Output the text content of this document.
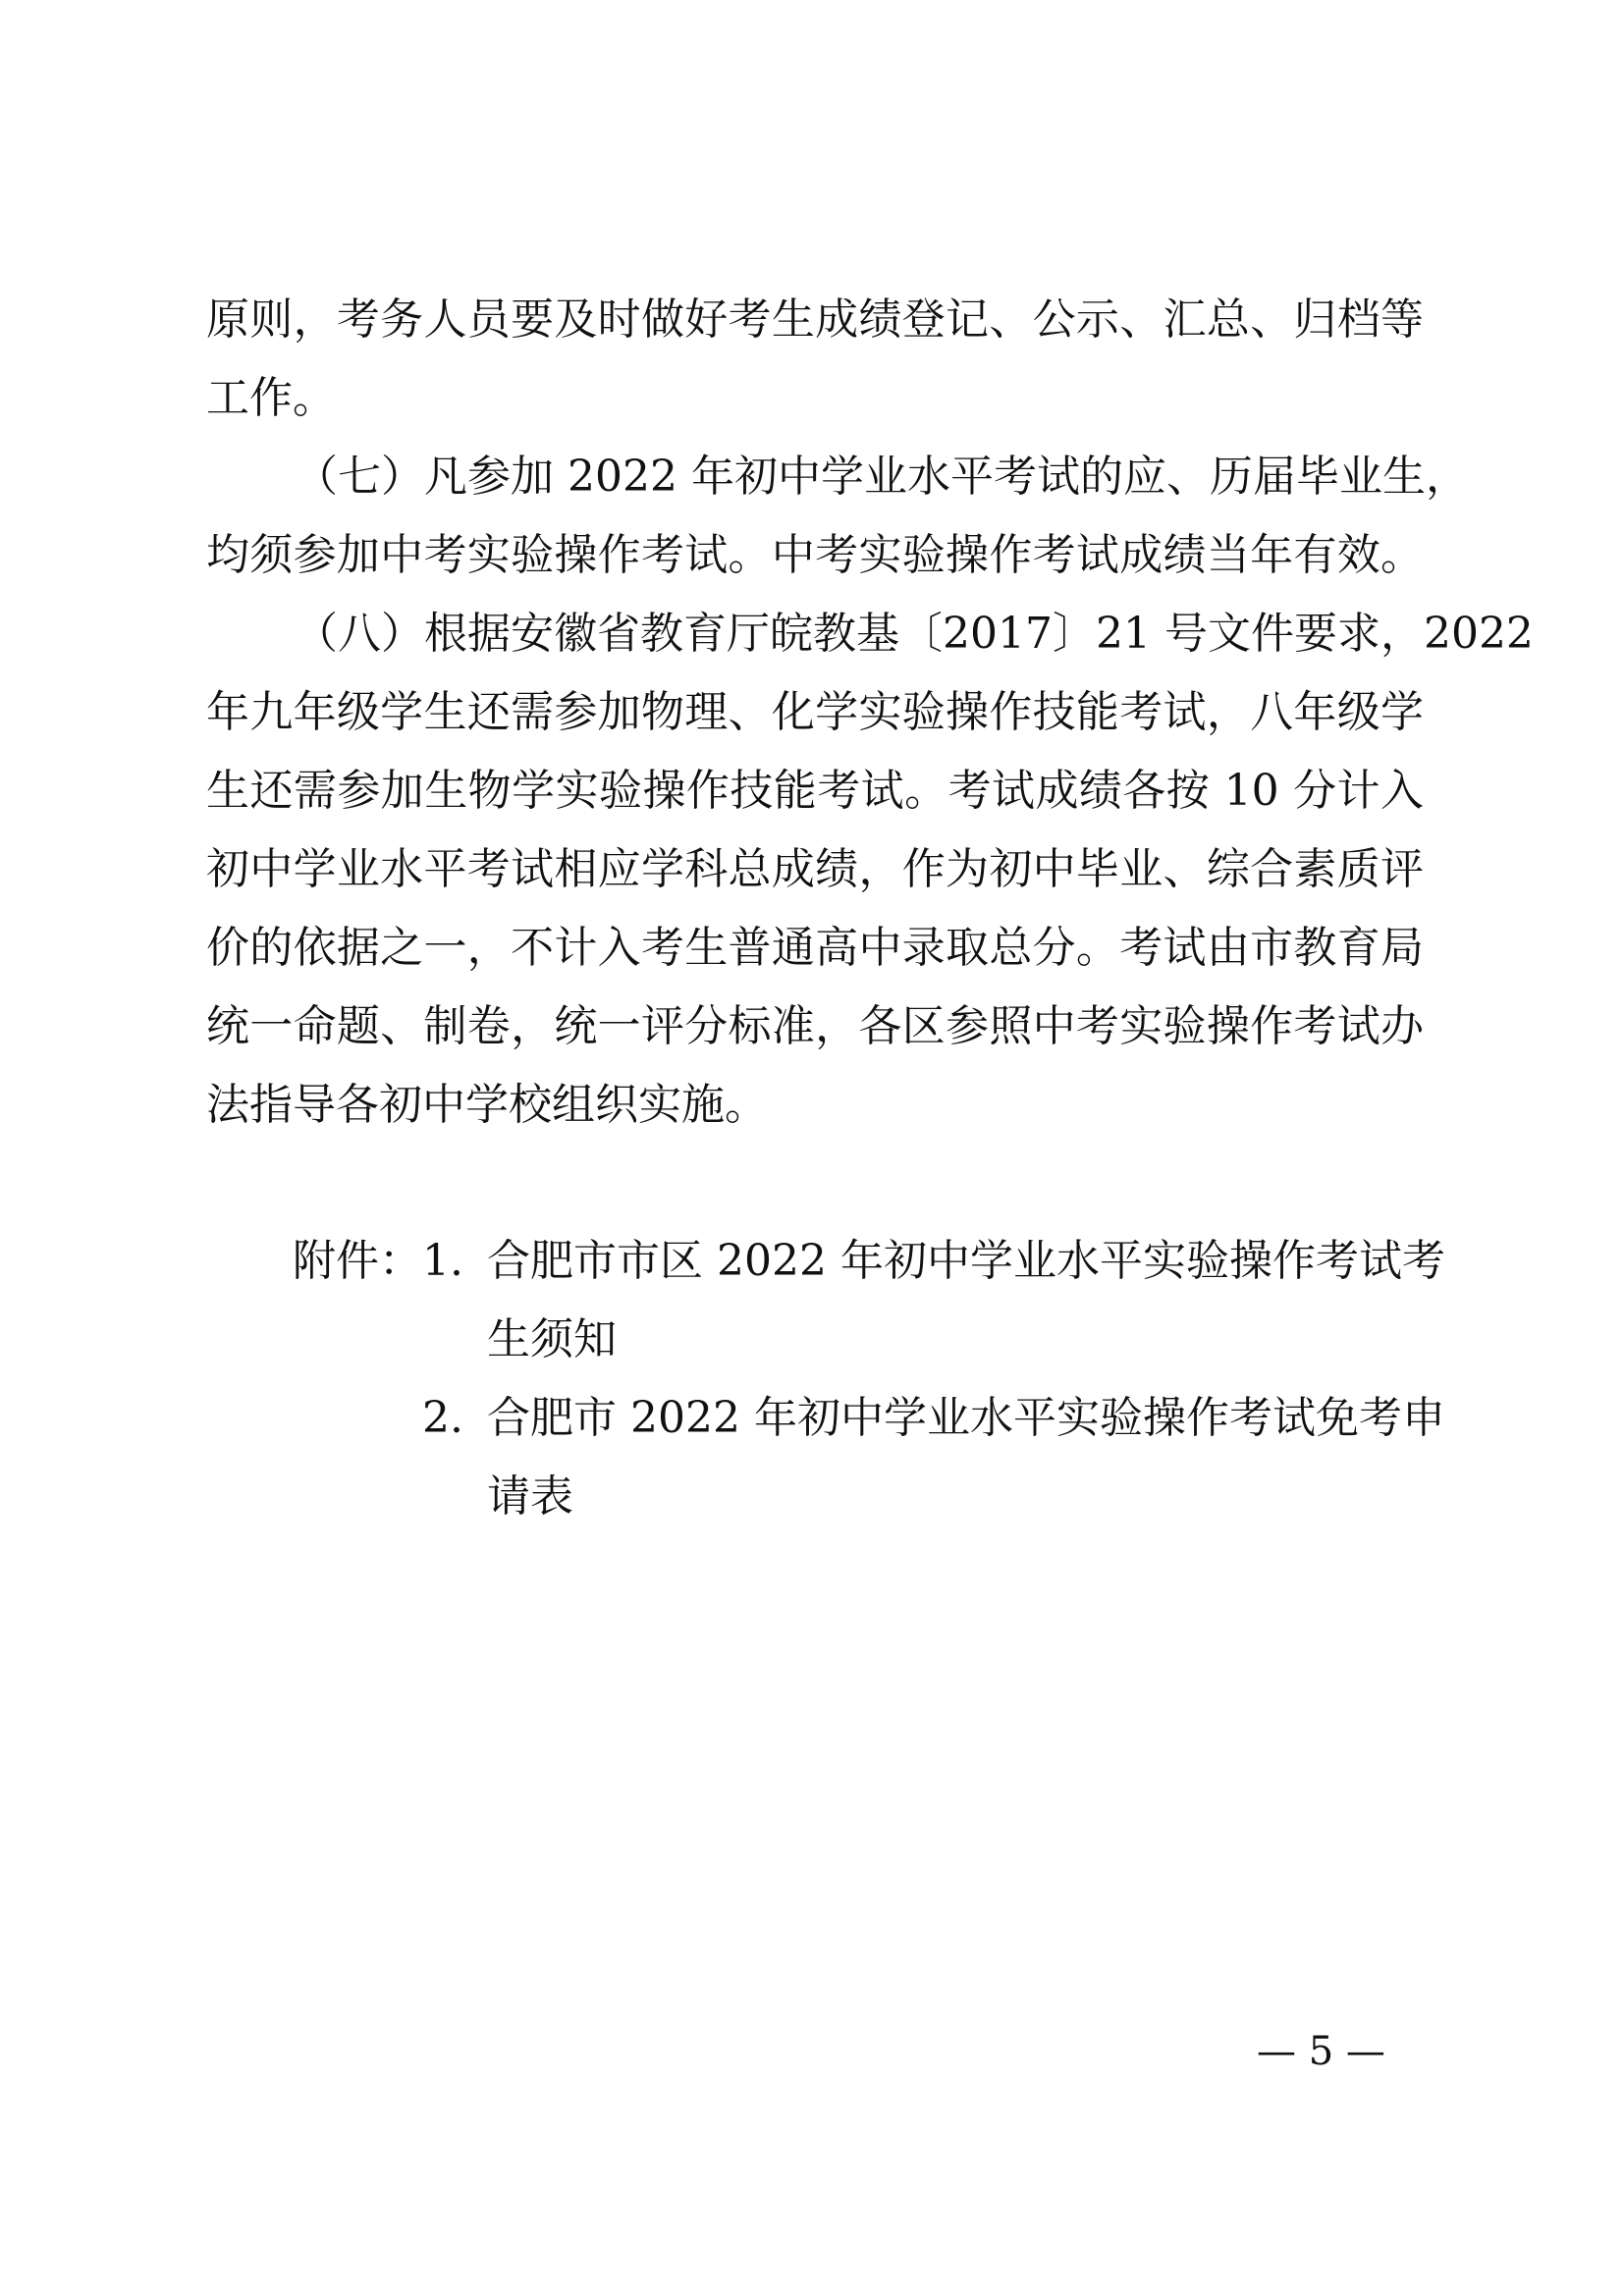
原则，考务人员要及时做好考生成绩登记、公示、汇总、归档等
工作。
（七）凡参加 2022 年初中学业水平考试的应、历届毕业生，
均须参加中考实验操作考试。中考实验操作考试成绩当年有效。
（八）根据安徽省教育厅皖教基〔2017〕21 号文件要求，2022
年九年级学生还需参加物理、化学实验操作技能考试，八年级学
生还需参加生物学实验操作技能考试。考试成绩各按 10 分计入
初中学业水平考试相应学科总成绩，作为初中毕业、综合素质评
价的依据之一，不计入考生普通高中录取总分。考试由市教育局
统一命题、制卷，统一评分标准，各区参照中考实验操作考试办
法指导各初中学校组织实施。
附件： 1. 合肥市市区 2022 年初中学业水平实验操作考试考
生须知
2. 合肥市 2022 年初中学业水平实验操作考试免考申
请表
— 5 —
